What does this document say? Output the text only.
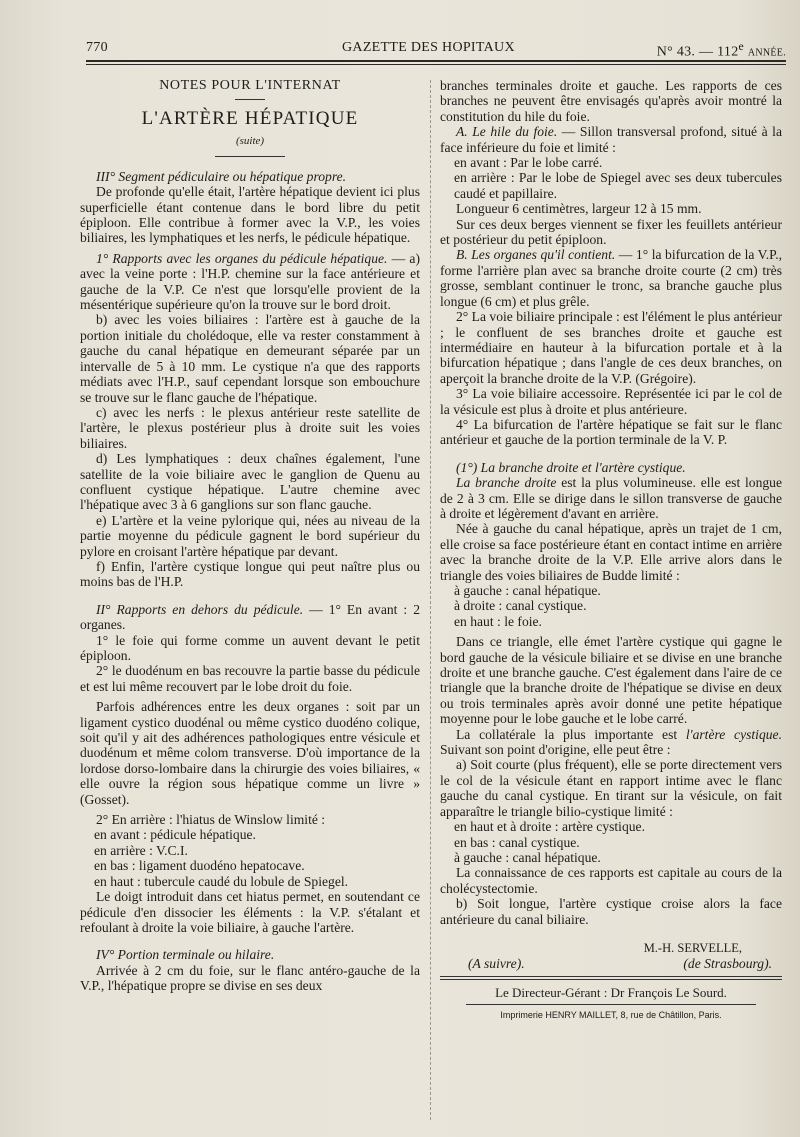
770	GAZETTE DES HOPITAUX	N° 43. — 112e ANNÉE.

NOTES POUR L'INTERNAT

L'ARTÈRE HÉPATIQUE

(suite)

III° Segment pédiculaire ou hépatique propre.

De profonde qu'elle était, l'artère hépatique devient ici plus superficielle étant contenue dans le bord libre du petit épiploon. Elle contribue à former avec la V.P., les voies biliaires, les lymphatiques et les nerfs, le pédicule hépatique.

1° Rapports avec les organes du pédicule hépatique. — a) avec la veine porte : l'H.P. chemine sur la face antérieure et gauche de la V.P. Ce n'est que lorsqu'elle provient de la mésentérique supérieure qu'on la trouve sur le bord droit.

b) avec les voies biliaires : l'artère est à gauche de la portion initiale du cholédoque, elle va rester constamment à gauche du canal hépatique en demeurant séparée par un intervalle de 5 à 10 mm. Le cystique n'a que des rapports médiats avec l'H.P., sauf cependant lorsque son embouchure se trouve sur le flanc gauche de l'hépatique.

c) avec les nerfs : le plexus antérieur reste satellite de l'artère, le plexus postérieur plus à droite suit les voies biliaires.

d) Les lymphatiques : deux chaînes également, l'une satellite de la voie biliaire avec le ganglion de Quenu au confluent cystique hépatique. L'autre chemine avec l'hépatique avec 3 à 6 ganglions sur son flanc gauche.

e) L'artère et la veine pylorique qui, nées au niveau de la partie moyenne du pédicule gagnent le bord supérieur du pylore en croisant l'artère hépatique par devant.

f) Enfin, l'artère cystique longue qui peut naître plus ou moins bas de l'H.P.

II° Rapports en dehors du pédicule. — 1° En avant : 2 organes.

1° le foie qui forme comme un auvent devant le petit épiploon.

2° le duodénum en bas recouvre la partie basse du pédicule et est lui même recouvert par le lobe droit du foie.

Parfois adhérences entre les deux organes : soit par un ligament cystico duodénal ou même cystico duodéno colique, soit qu'il y ait des adhérences pathologiques entre vésicule et duodénum et même colom transverse. D'où importance de la lordose dorso-lombaire dans la chirurgie des voies biliaires, « elle ouvre la région sous hépatique comme un livre » (Gosset).

2° En arrière : l'hiatus de Winslow limité :

en avant : pédicule hépatique.

en arrière : V.C.I.

en bas : ligament duodéno hepatocave.

en haut : tubercule caudé du lobule de Spiegel.

Le doigt introduit dans cet hiatus permet, en soutendant ce pédicule d'en dissocier les éléments : la V.P. s'étalant et refoulant à droite la voie biliaire, à gauche l'artère.

IV° Portion terminale ou hilaire.

Arrivée à 2 cm du foie, sur le flanc antéro-gauche de la V.P., l'hépatique propre se divise en ses deux

branches terminales droite et gauche. Les rapports de ces branches ne peuvent être envisagés qu'après avoir montré la constitution du hile du foie.

A. Le hile du foie. — Sillon transversal profond, situé à la face inférieure du foie et limité :

en avant : Par le lobe carré.

en arrière : Par le lobe de Spiegel avec ses deux tubercules caudé et papillaire.

Longueur 6 centimètres, largeur 12 à 15 mm.

Sur ces deux berges viennent se fixer les feuillets antérieur et postérieur du petit épiploon.

B. Les organes qu'il contient. — 1° la bifurcation de la V.P., forme l'arrière plan avec sa branche droite courte (2 cm) très grosse, semblant continuer le tronc, sa branche gauche plus longue (6 cm) et plus grêle.

2° La voie biliaire principale : est l'élément le plus antérieur ; le confluent de ses branches droite et gauche est intermédiaire en hauteur à la bifurcation portale et à la bifurcation hépatique ; dans l'angle de ces deux branches, on aperçoit la branche droite de la V.P. (Grégoire).

3° La voie biliaire accessoire. Représentée ici par le col de la vésicule est plus à droite et plus antérieure.

4° La bifurcation de l'artère hépatique se fait sur le flanc antérieur et gauche de la portion terminale de la V. P.

(1°) La branche droite et l'artère cystique.

La branche droite est la plus volumineuse. elle est longue de 2 à 3 cm. Elle se dirige dans le sillon transverse de gauche à droite et légèrement d'avant en arrière.

Née à gauche du canal hépatique, après un trajet de 1 cm, elle croise sa face postérieure étant en contact intime en arrière avec la branche droite de la V.P. Elle arrive alors dans le triangle des voies biliaires de Budde limité :

à gauche : canal hépatique.

à droite : canal cystique.

en haut : le foie.

Dans ce triangle, elle émet l'artère cystique qui gagne le bord gauche de la vésicule biliaire et se divise en une branche droite et une branche gauche. C'est également dans l'aire de ce triangle que la branche droite de l'hépatique se divise en deux ou trois terminales après avoir donné une petite hépatique moyenne pour le lobe gauche et le lobe carré.

La collatérale la plus importante est l'artère cystique. Suivant son point d'origine, elle peut être :

a) Soit courte (plus fréquent), elle se porte directement vers le col de la vésicule étant en rapport intime avec le flanc gauche du canal cystique. En tirant sur la vésicule, on fait apparaître le triangle bilio-cystique limité :

en haut et à droite : artère cystique.

en bas : canal cystique.

à gauche : canal hépatique.

La connaissance de ces rapports est capitale au cours de la cholécystectomie.

b) Soit longue, l'artère cystique croise alors la face antérieure du canal biliaire.

M.-H. SERVELLE,

(A suivre).	(de Strasbourg).

Le Directeur-Gérant : Dr François Le Sourd.

Imprimerie HENRY MAILLET, 8, rue de Châtillon, Paris.
